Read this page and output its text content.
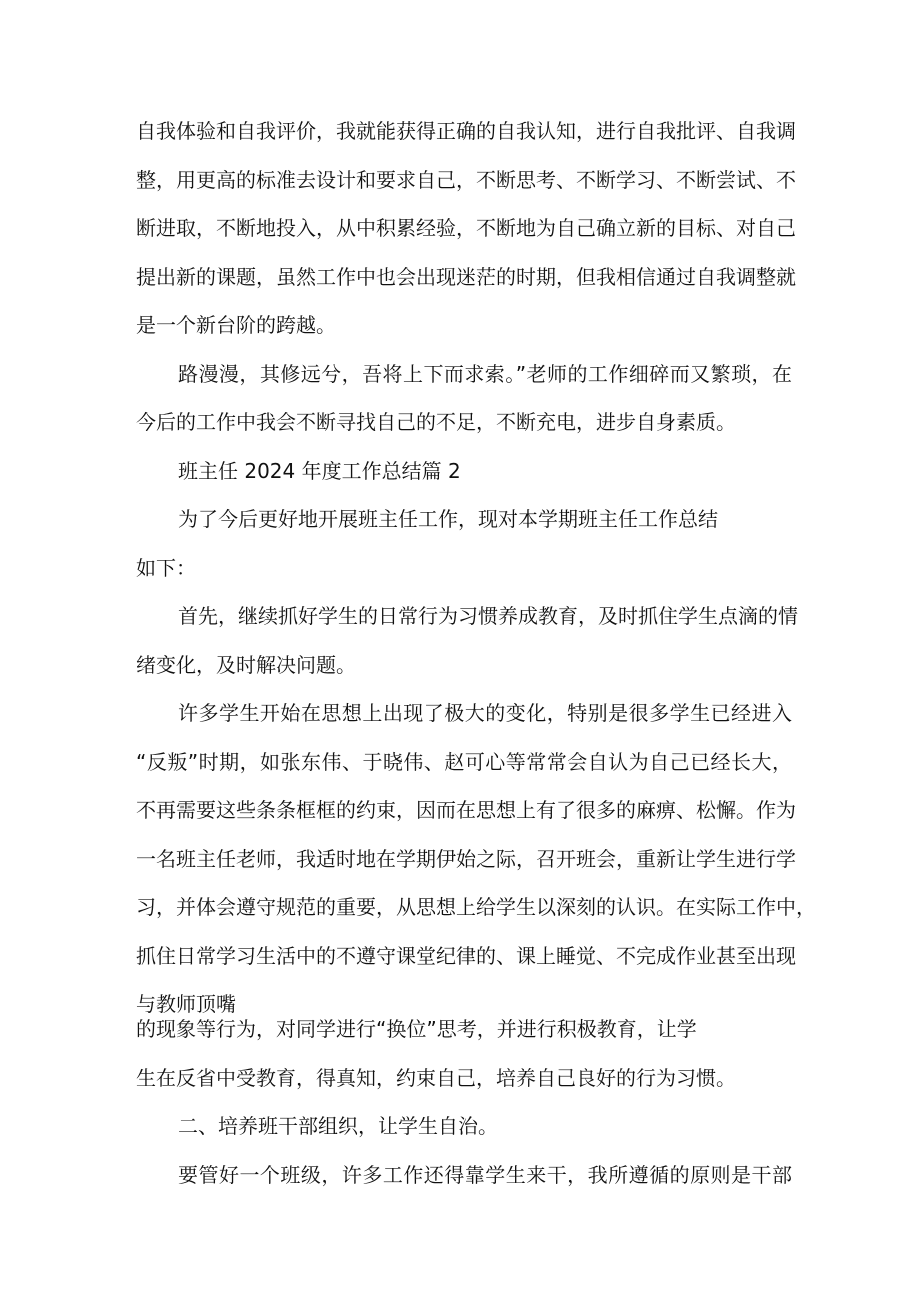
自我体验和自我评价，我就能获得正确的自我认知，进行自我批评、自我调

整，用更高的标准去设计和要求自己，不断思考、不断学习、不断尝试、不

断进取，不断地投入，从中积累经验，不断地为自己确立新的目标、对自己

提出新的课题，虽然工作中也会出现迷茫的时期，但我相信通过自我调整就

是一个新台阶的跨越。

路漫漫，其修远兮，吾将上下而求索。”老师的工作细碎而又繁琐，在

今后的工作中我会不断寻找自己的不足，不断充电，进步自身素质。

班主任 2024 年度工作总结篇 2

为了今后更好地开展班主任工作，现对本学期班主任工作总结

如下：

首先，继续抓好学生的日常行为习惯养成教育，及时抓住学生点滴的情

绪变化，及时解决问题。

许多学生开始在思想上出现了极大的变化，特别是很多学生已经进入

“反叛”时期，如张东伟、于晓伟、赵可心等常常会自认为自己已经长大，

不再需要这些条条框框的约束，因而在思想上有了很多的麻痹、松懈。作为

一名班主任老师，我适时地在学期伊始之际，召开班会，重新让学生进行学

习，并体会遵守规范的重要，从思想上给学生以深刻的认识。在实际工作中，

抓住日常学习生活中的不遵守课堂纪律的、课上睡觉、不完成作业甚至出现

与教师顶嘴

的现象等行为，对同学进行“换位”思考，并进行积极教育，让学

生在反省中受教育，得真知，约束自己，培养自己良好的行为习惯。

二、培养班干部组织，让学生自治。

要管好一个班级，许多工作还得靠学生来干，我所遵循的原则是干部
